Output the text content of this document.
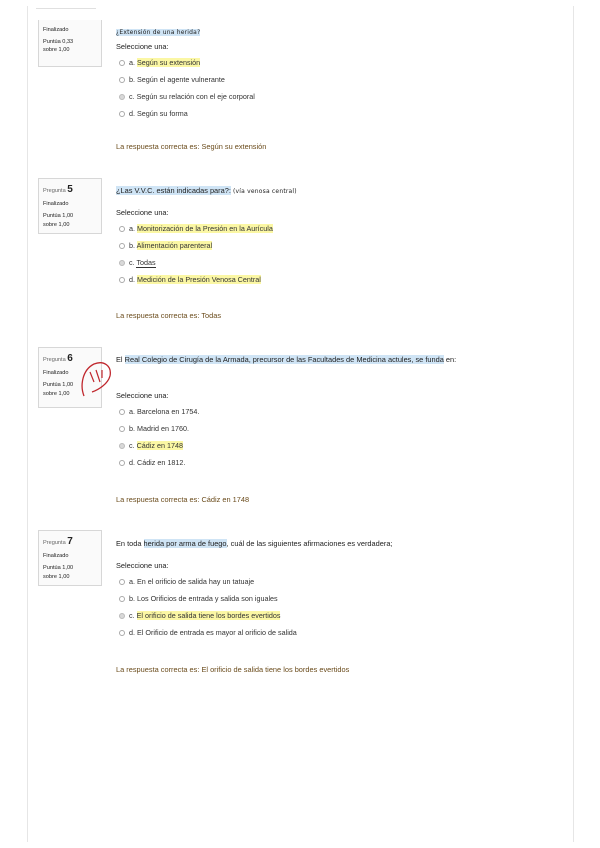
Finalizado
Puntúa 0,33
sobre 1,00
¿Extensión de una herida?
Seleccione una:
a. Según su extensión
b. Según el agente vulnerante
c. Según su relación con el eje corporal
d. Según su forma
La respuesta correcta es: Según su extensión
Pregunta 5
Finalizado
Puntúa 1,00
sobre 1,00
¿Las V.V.C. están indicadas para?: (vía venosa central)
Seleccione una:
a. Monitorización de la Presión en la Aurícula
b. Alimentación parenteral
c. Todas
d. Medición de la Presión Venosa Central
La respuesta correcta es: Todas
Pregunta 6
Finalizado
Puntúa 1,00
sobre 1,00
El Real Colegio de Cirugía de la Armada, precursor de las Facultades de Medicina actules, se funda en:
Seleccione una:
a. Barcelona en 1754.
b. Madrid en 1760.
c. Cádiz en 1748
d. Cádiz en 1812.
La respuesta correcta es: Cádiz en 1748
Pregunta 7
Finalizado
Puntúa 1,00
sobre 1,00
En toda herida por arma de fuego, cuál de las siguientes afirmaciones es verdadera;
Seleccione una:
a. En el orificio de salida hay un tatuaje
b. Los Orificios de entrada y salida son iguales
c. El orificio de salida tiene los bordes evertidos
d. El Orificio de entrada es mayor al orificio de salida
La respuesta correcta es: El orificio de salida tiene los bordes evertidos
